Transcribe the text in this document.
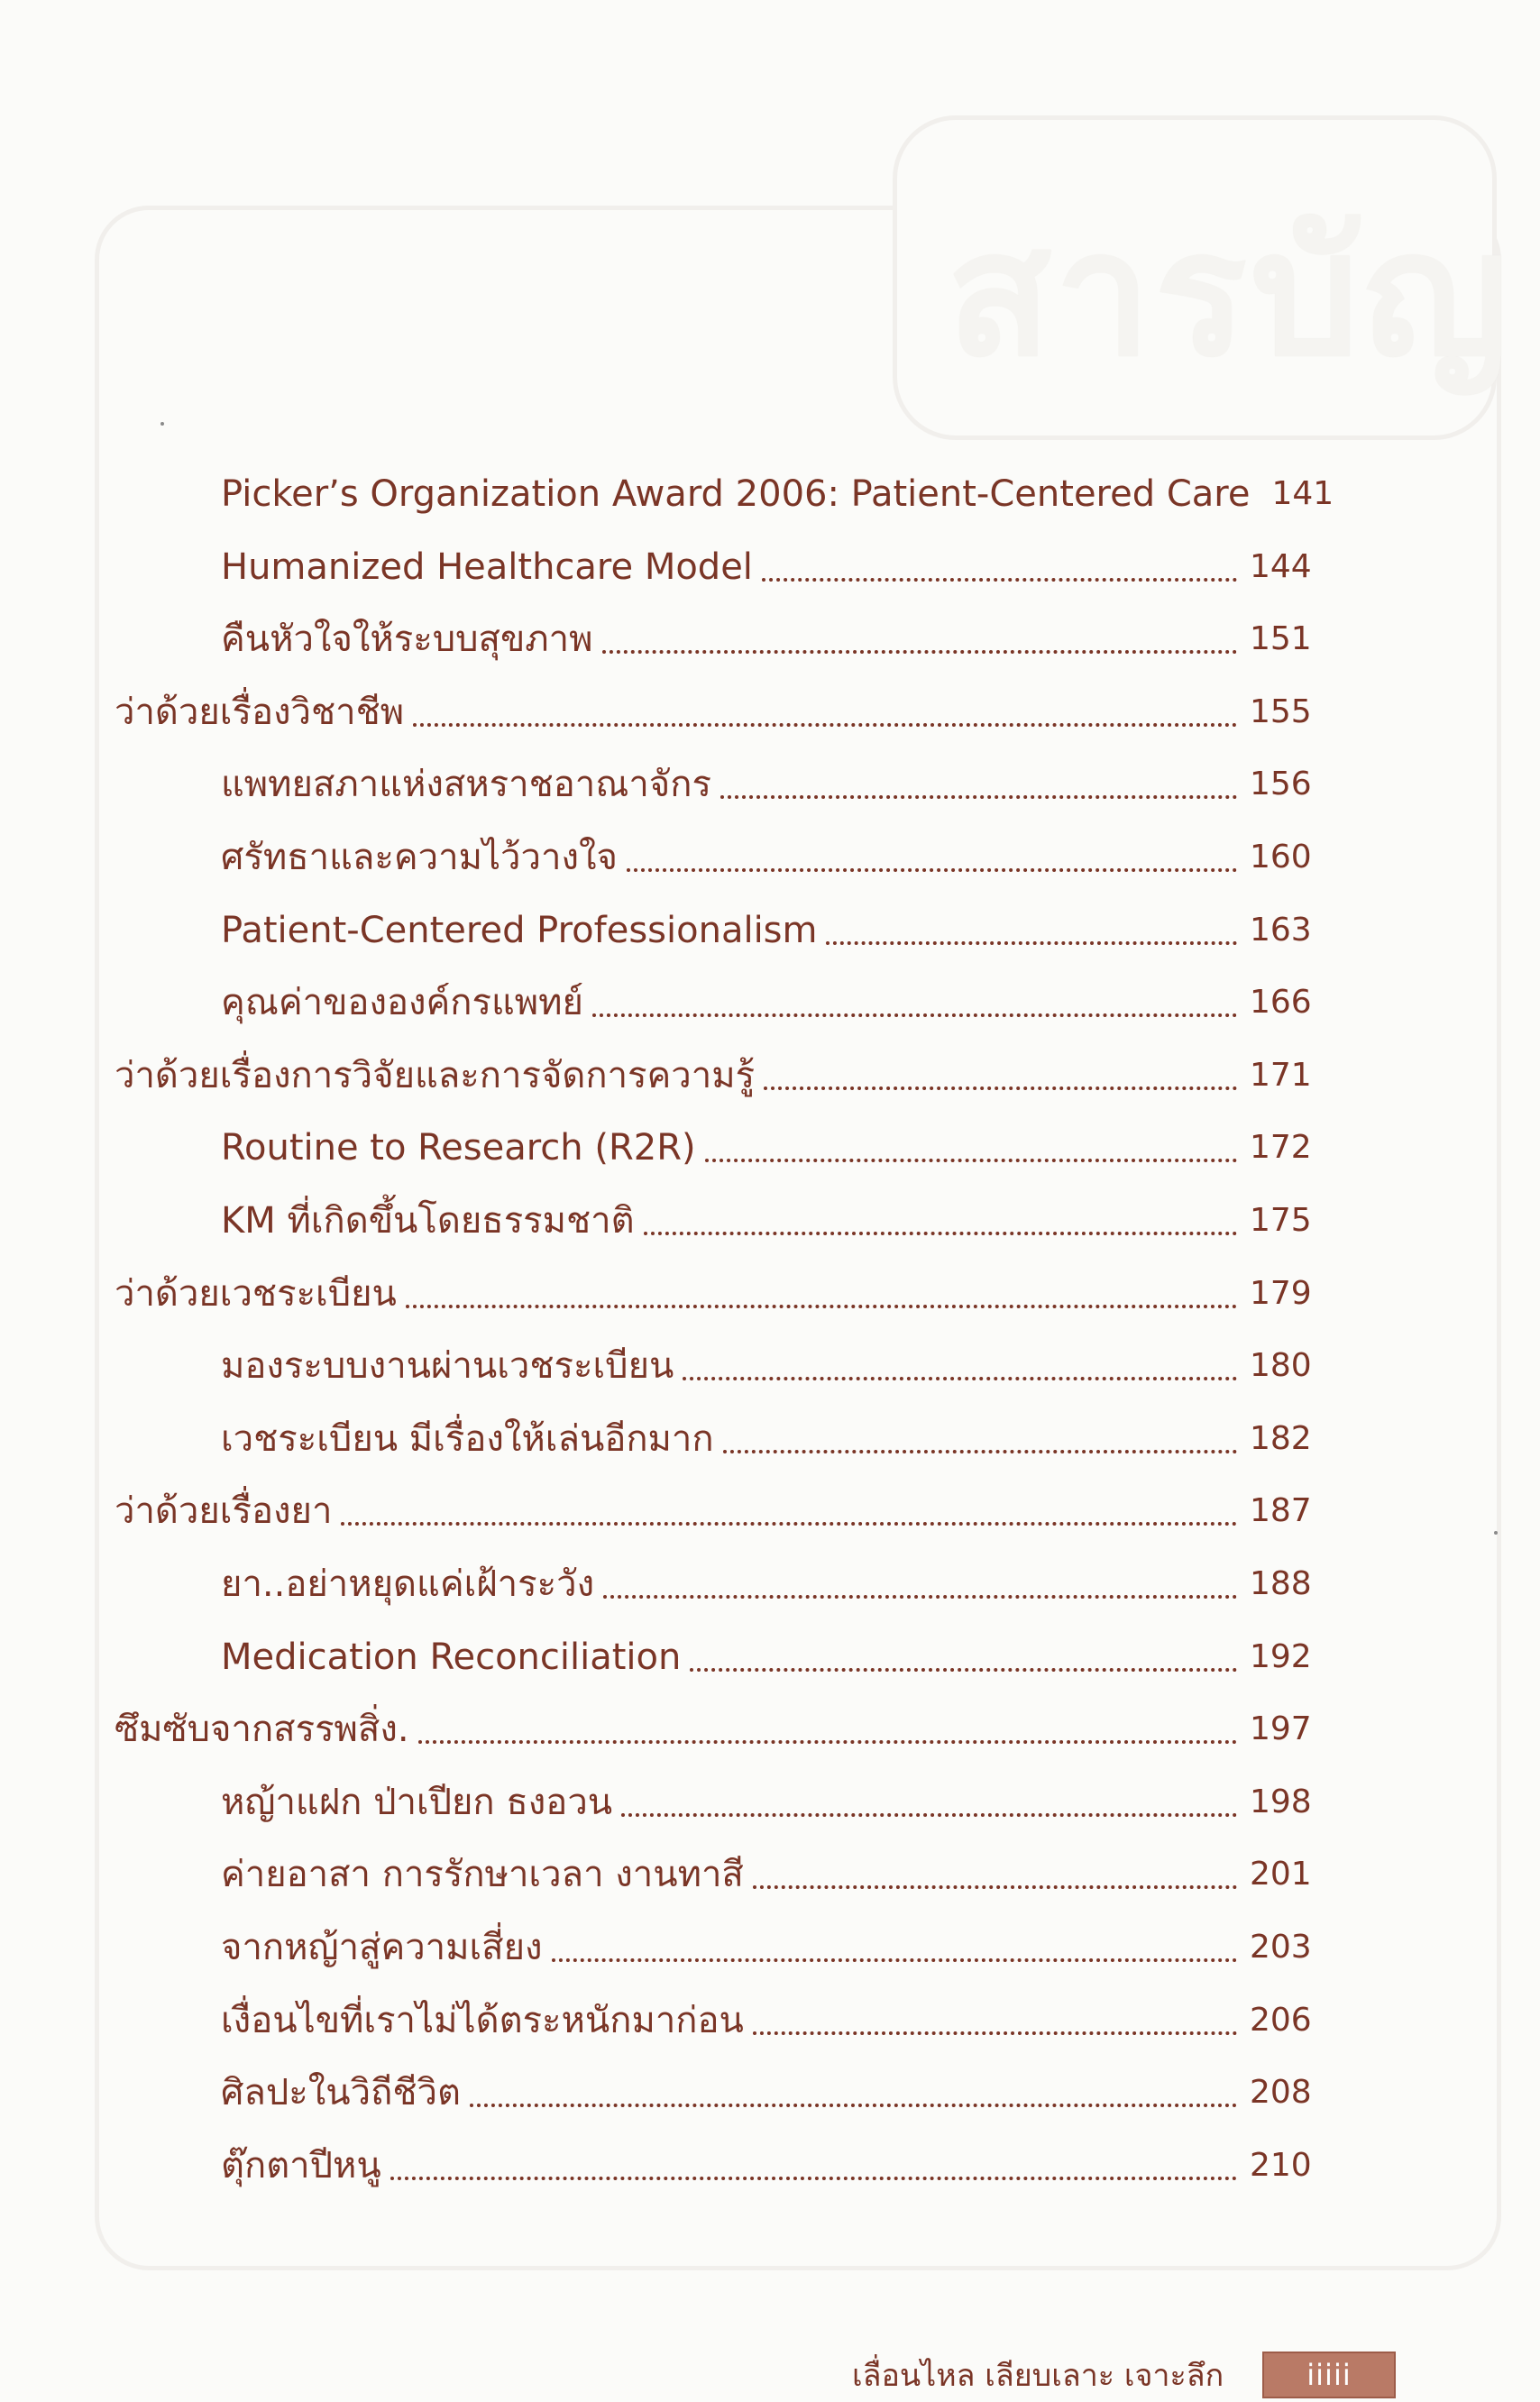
สารบัญ
Picker’s Organization Award 2006: Patient-Centered Care 141
Humanized Healthcare Model	144
คืนหัวใจให้ระบบสุขภาพ	151
ว่าด้วยเรื่องวิชาชีพ	155
แพทยสภาแห่งสหราชอาณาจักร	156
ศรัทธาและความไว้วางใจ	160
Patient-Centered Professionalism	163
คุณค่าขององค์กรแพทย์	166
ว่าด้วยเรื่องการวิจัยและการจัดการความรู้	171
Routine to Research (R2R)	172
KM ที่เกิดขึ้นโดยธรรมชาติ	175
ว่าด้วยเวชระเบียน	179
มองระบบงานผ่านเวชระเบียน	180
เวชระเบียน มีเรื่องให้เล่นอีกมาก	182
ว่าด้วยเรื่องยา	187
ยา..อย่าหยุดแค่เฝ้าระวัง	188
Medication Reconciliation	192
ซึมซับจากสรรพสิ่ง.	197
หญ้าแฝก ป่าเปียก ธงอวน	198
ค่ายอาสา การรักษาเวลา งานทาสี	201
จากหญ้าสู่ความเสี่ยง	203
เงื่อนไขที่เราไม่ได้ตระหนักมาก่อน	206
ศิลปะในวิถีชีวิต	208
ตุ๊กตาปีหนู	210
เลื่อนไหล เลียบเลาะ เจาะลึก	iiiii
